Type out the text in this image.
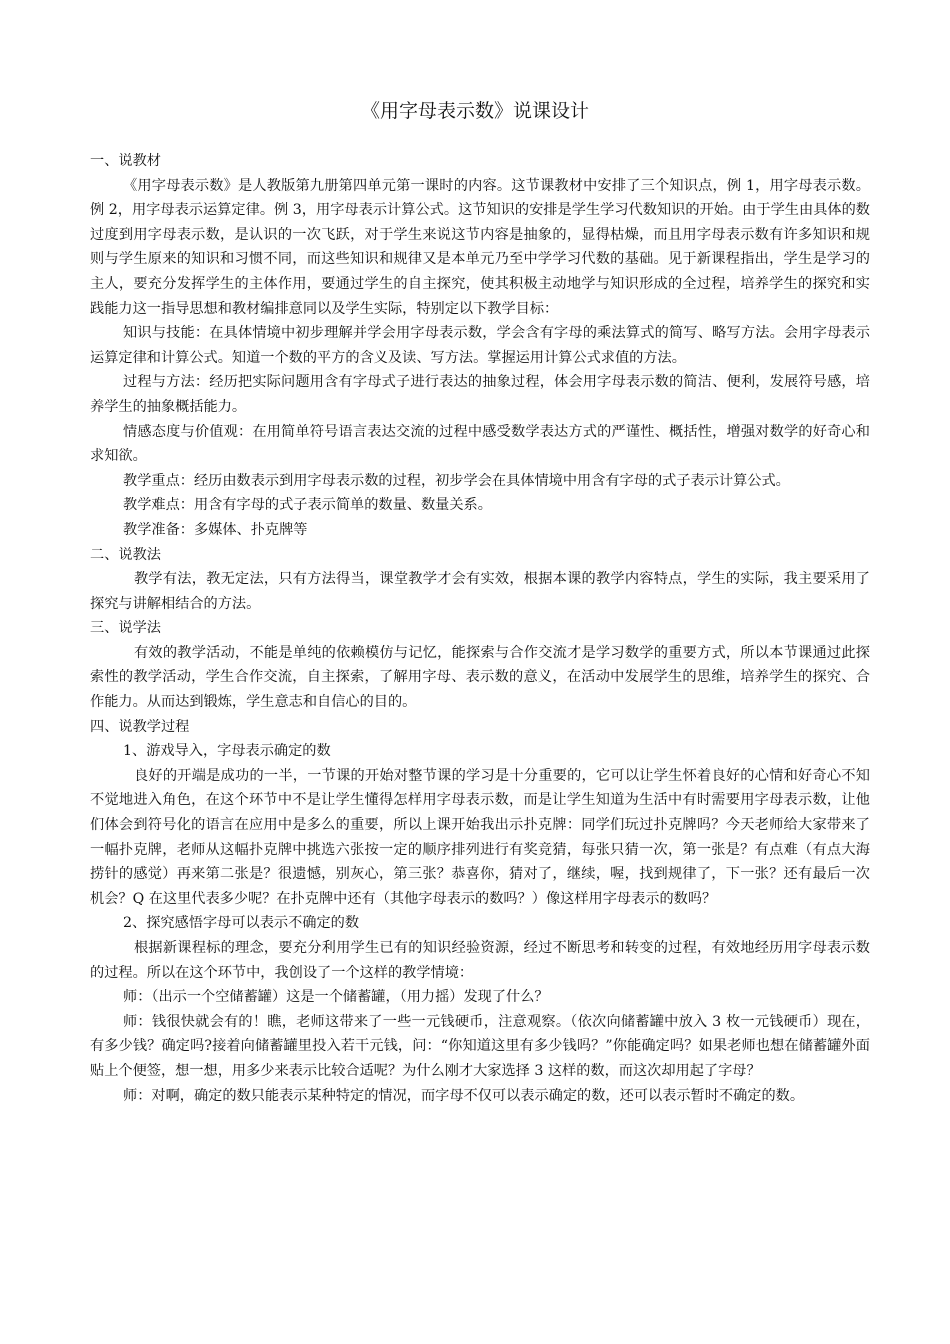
《用字母表示数》说课设计

一、说教材

《用字母表示数》是人教版第九册第四单元第一课时的内容。这节课教材中安排了三个知识点，例 1，用字母表示数。例 2，用字母表示运算定律。例 3，用字母表示计算公式。这节知识的安排是学生学习代数知识的开始。由于学生由具体的数过度到用字母表示数，是认识的一次飞跃，对于学生来说这节内容是抽象的，显得枯燥，而且用字母表示数有许多知识和规则与学生原来的知识和习惯不同，而这些知识和规律又是本单元乃至中学学习代数的基础。见于新课程指出，学生是学习的主人，要充分发挥学生的主体作用，要通过学生的自主探究，使其积极主动地学与知识形成的全过程，培养学生的探究和实践能力这一指导思想和教材编排意同以及学生实际，特别定以下教学目标：

知识与技能：在具体情境中初步理解并学会用字母表示数，学会含有字母的乘法算式的简写、略写方法。会用字母表示运算定律和计算公式。知道一个数的平方的含义及读、写方法。掌握运用计算公式求值的方法。

过程与方法：经历把实际问题用含有字母式子进行表达的抽象过程，体会用字母表示数的简洁、便利，发展符号感，培养学生的抽象概括能力。

情感态度与价值观：在用简单符号语言表达交流的过程中感受数学表达方式的严谨性、概括性，增强对数学的好奇心和求知欲。

教学重点：经历由数表示到用字母表示数的过程，初步学会在具体情境中用含有字母的式子表示计算公式。

教学难点：用含有字母的式子表示简单的数量、数量关系。

教学准备：多媒体、扑克牌等

二、说教法

教学有法，教无定法，只有方法得当，课堂教学才会有实效，根据本课的教学内容特点，学生的实际，我主要采用了探究与讲解相结合的方法。

三、说学法

有效的教学活动，不能是单纯的依赖模仿与记忆，能探索与合作交流才是学习数学的重要方式，所以本节课通过此探索性的教学活动，学生合作交流，自主探索，了解用字母、表示数的意义，在活动中发展学生的思维，培养学生的探究、合作能力。从而达到锻炼，学生意志和自信心的目的。

四、说教学过程

1、游戏导入，字母表示确定的数

良好的开端是成功的一半，一节课的开始对整节课的学习是十分重要的，它可以让学生怀着良好的心情和好奇心不知不觉地进入角色，在这个环节中不是让学生懂得怎样用字母表示数，而是让学生知道为生活中有时需要用字母表示数，让他们体会到符号化的语言在应用中是多么的重要，所以上课开始我出示扑克牌：同学们玩过扑克牌吗？今天老师给大家带来了一幅扑克牌，老师从这幅扑克牌中挑选六张按一定的顺序排列进行有奖竞猜，每张只猜一次，第一张是？有点难（有点大海捞针的感觉）再来第二张是？很遗憾，别灰心，第三张？恭喜你，猜对了，继续，喔，找到规律了，下一张？还有最后一次机会？Q 在这里代表多少呢？在扑克牌中还有（其他字母表示的数吗？）像这样用字母表示的数吗？

2、探究感悟字母可以表示不确定的数

根据新课程标的理念，要充分利用学生已有的知识经验资源，经过不断思考和转变的过程，有效地经历用字母表示数的过程。所以在这个环节中，我创设了一个这样的教学情境：

师：（出示一个空储蓄罐）这是一个储蓄罐，（用力摇）发现了什么？

师：钱很快就会有的！瞧，老师这带来了一些一元钱硬币，注意观察。（依次向储蓄罐中放入 3 枚一元钱硬币）现在，有多少钱？确定吗?接着向储蓄罐里投入若干元钱，问：“你知道这里有多少钱吗？”你能确定吗？如果老师也想在储蓄罐外面贴上个便签，想一想，用多少来表示比较合适呢？为什么刚才大家选择 3 这样的数，而这次却用起了字母？

师：对啊，确定的数只能表示某种特定的情况，而字母不仅可以表示确定的数，还可以表示暂时不确定的数。
